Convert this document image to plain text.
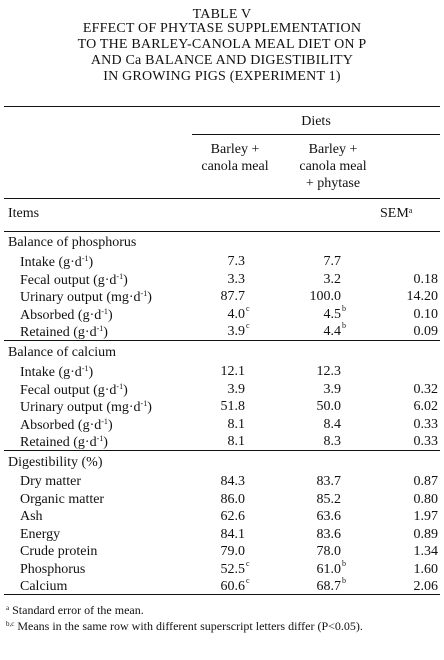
TABLE V
EFFECT OF PHYTASE SUPPLEMENTATION
TO THE BARLEY-CANOLA MEAL DIET ON P
AND Ca BALANCE AND DIGESTIBILITY
IN GROWING PIGS (EXPERIMENT 1)
Diets
Barley +
canola meal
Barley +
canola meal
+ phytase
Items	SEM$^a$
Balance of phosphorus
Intake $(g\cdot d^{-1})$	7.3	7.7
Fecal output $(g\cdot d^{-1})$	3.3	3.2	0.18
Urinary output $(mg\cdot d^{-1})$	87.7	100.0	14.20
Absorbed $(g\cdot d^{-1})$	4.0 c	4.5 b	0.10
Retained $(g\cdot d^{-1})$	3.9 c	4.4 b	0.09
Balance of calcium
Intake $(g\cdot d^{-1})$	12.1	12.3
Fecal output $(g\cdot d^{-1})$	3.9	3.9	0.32
Urinary output $(mg\cdot d^{-1})$	51.8	50.0	6.02
Absorbed $(g\cdot d^{-1})$	8.1	8.4	0.33
Retained $(g\cdot d^{-1})$	8.1	8.3	0.33
Digestibility (%)
Dry matter	84.3	83.7	0.87
Organic matter	86.0	85.2	0.80
Ash	62.6	63.6	1.97
Energy	84.1	83.6	0.89
Crude protein	79.0	78.0	1.34
Phosphorus	52.5 c	61.0 b	1.60
Calcium	60.6 c	68.7 b	2.06
$^a$ Standard error of the mean.
$^{b,c}$ Means in the same row with different superscript letters differ (P<0.05).
